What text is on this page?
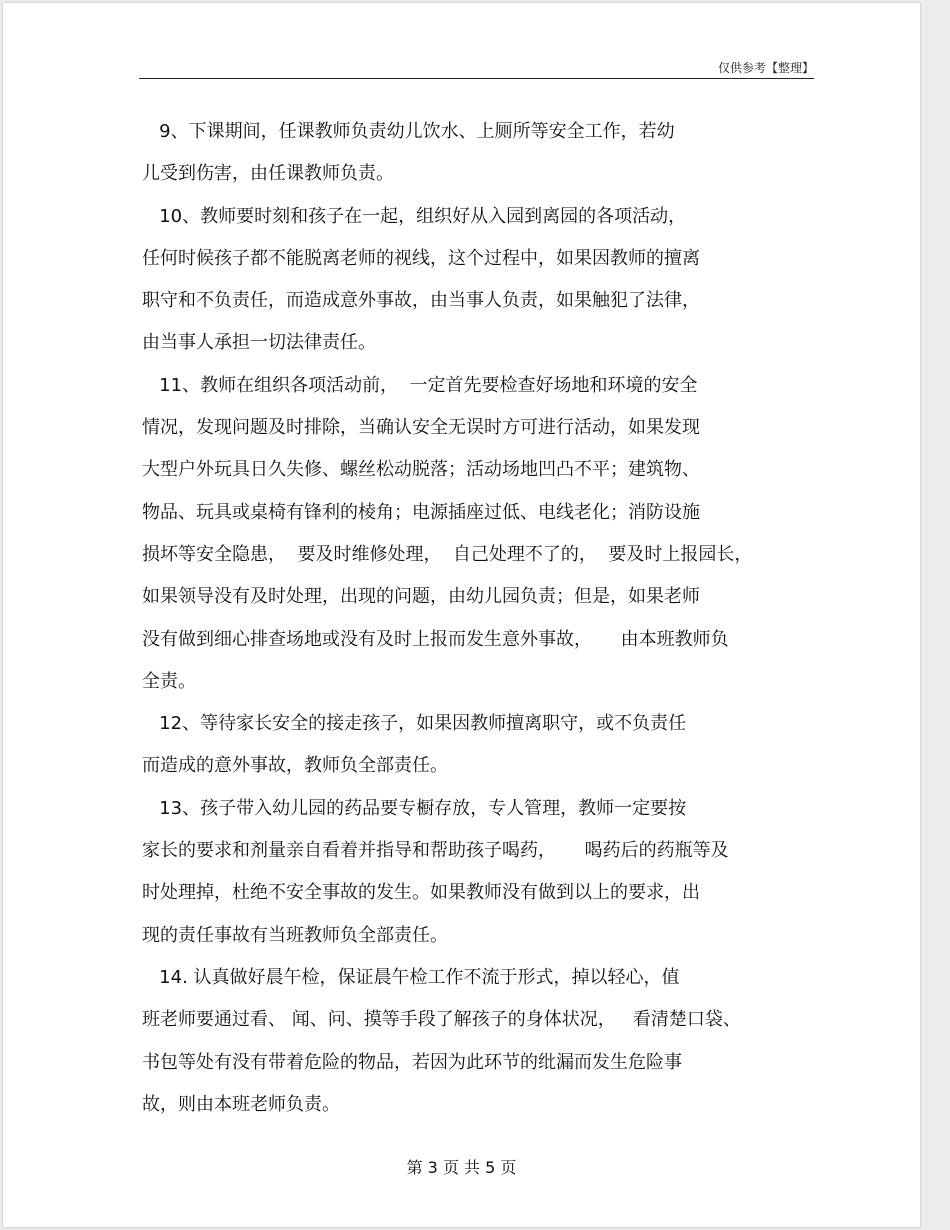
仅供参考【整理】
9、下课期间，任课教师负责幼儿饮水、上厕所等安全工作，若幼
儿受到伤害，由任课教师负责。
10、教师要时刻和孩子在一起，组织好从入园到离园的各项活动，
任何时候孩子都不能脱离老师的视线，这个过程中，如果因教师的擅离
职守和不负责任，而造成意外事故，由当事人负责，如果触犯了法律，
由当事人承担一切法律责任。
11、教师在组织各项活动前，  一定首先要检查好场地和环境的安全
情况，发现问题及时排除，当确认安全无误时方可进行活动，如果发现
大型户外玩具日久失修、螺丝松动脱落；活动场地凹凸不平；建筑物、
物品、玩具或桌椅有锋利的棱角；电源插座过低、电线老化；消防设施
损坏等安全隐患，  要及时维修处理，  自己处理不了的，  要及时上报园长，
如果领导没有及时处理，出现的问题，由幼儿园负责；但是，如果老师
没有做到细心排查场地或没有及时上报而发生意外事故，     由本班教师负
全责。
12、等待家长安全的接走孩子，如果因教师擅离职守，或不负责任
而造成的意外事故，教师负全部责任。
13、孩子带入幼儿园的药品要专橱存放，专人管理，教师一定要按
家长的要求和剂量亲自看着并指导和帮助孩子喝药，     喝药后的药瓶等及
时处理掉，杜绝不安全事故的发生。如果教师没有做到以上的要求，出
现的责任事故有当班教师负全部责任。
14. 认真做好晨午检，保证晨午检工作不流于形式，掉以轻心，值
班老师要通过看、 闻、问、摸等手段了解孩子的身体状况，   看清楚口袋、
书包等处有没有带着危险的物品，若因为此环节的纰漏而发生危险事
故，则由本班老师负责。
第 3 页 共 5 页
